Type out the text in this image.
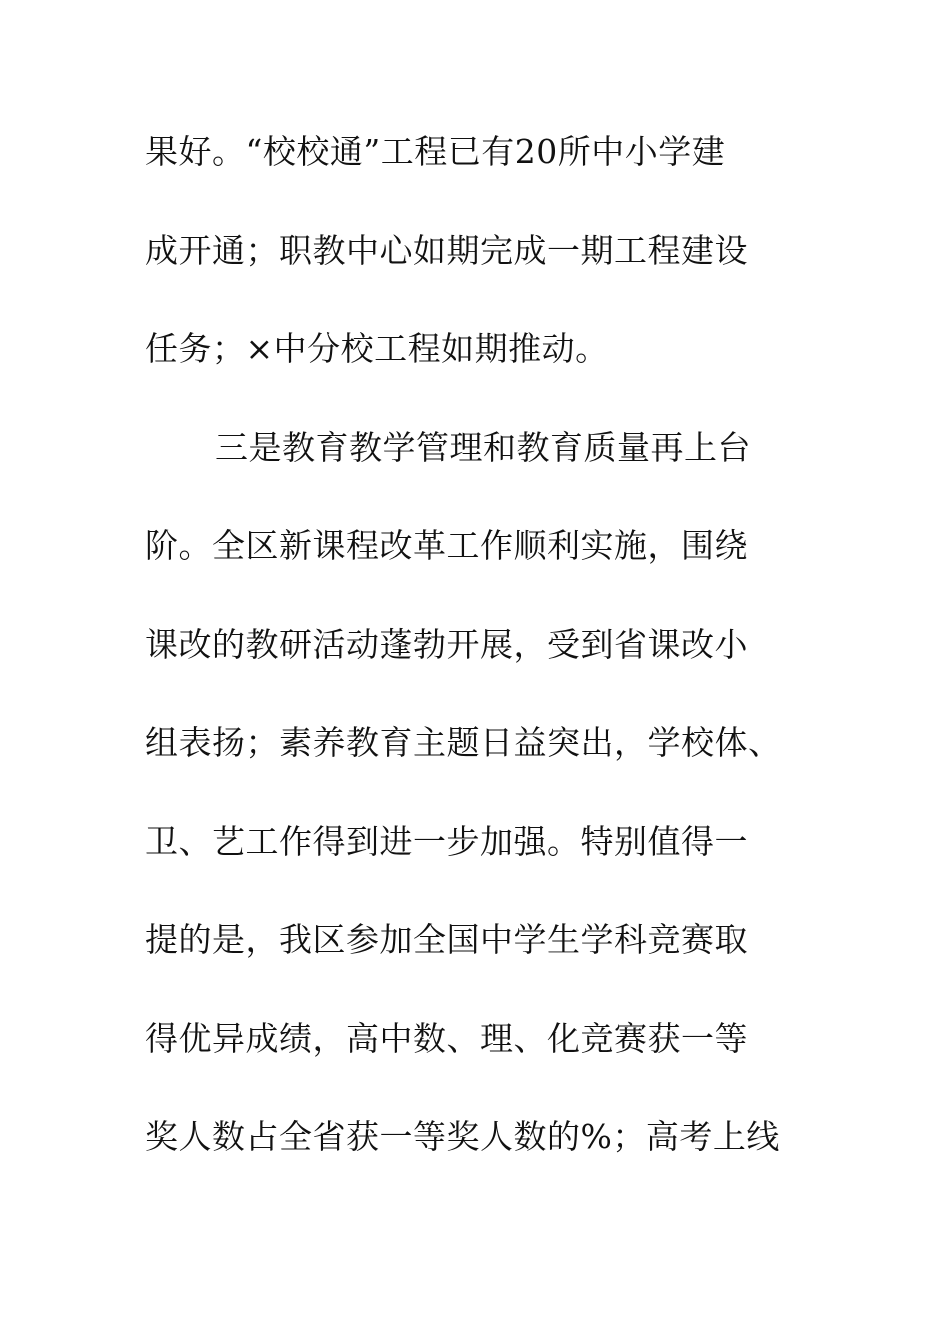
果好。“校校通”工程已有20所中小学建
成开通；职教中心如期完成一期工程建设
任务；×中分校工程如期推动。
三是教育教学管理和教育质量再上台
阶。全区新课程改革工作顺利实施，围绕
课改的教研活动蓬勃开展，受到省课改小
组表扬；素养教育主题日益突出，学校体、
卫、艺工作得到进一步加强。特别值得一
提的是，我区参加全国中学生学科竞赛取
得优异成绩，高中数、理、化竞赛获一等
奖人数占全省获一等奖人数的%；高考上线
